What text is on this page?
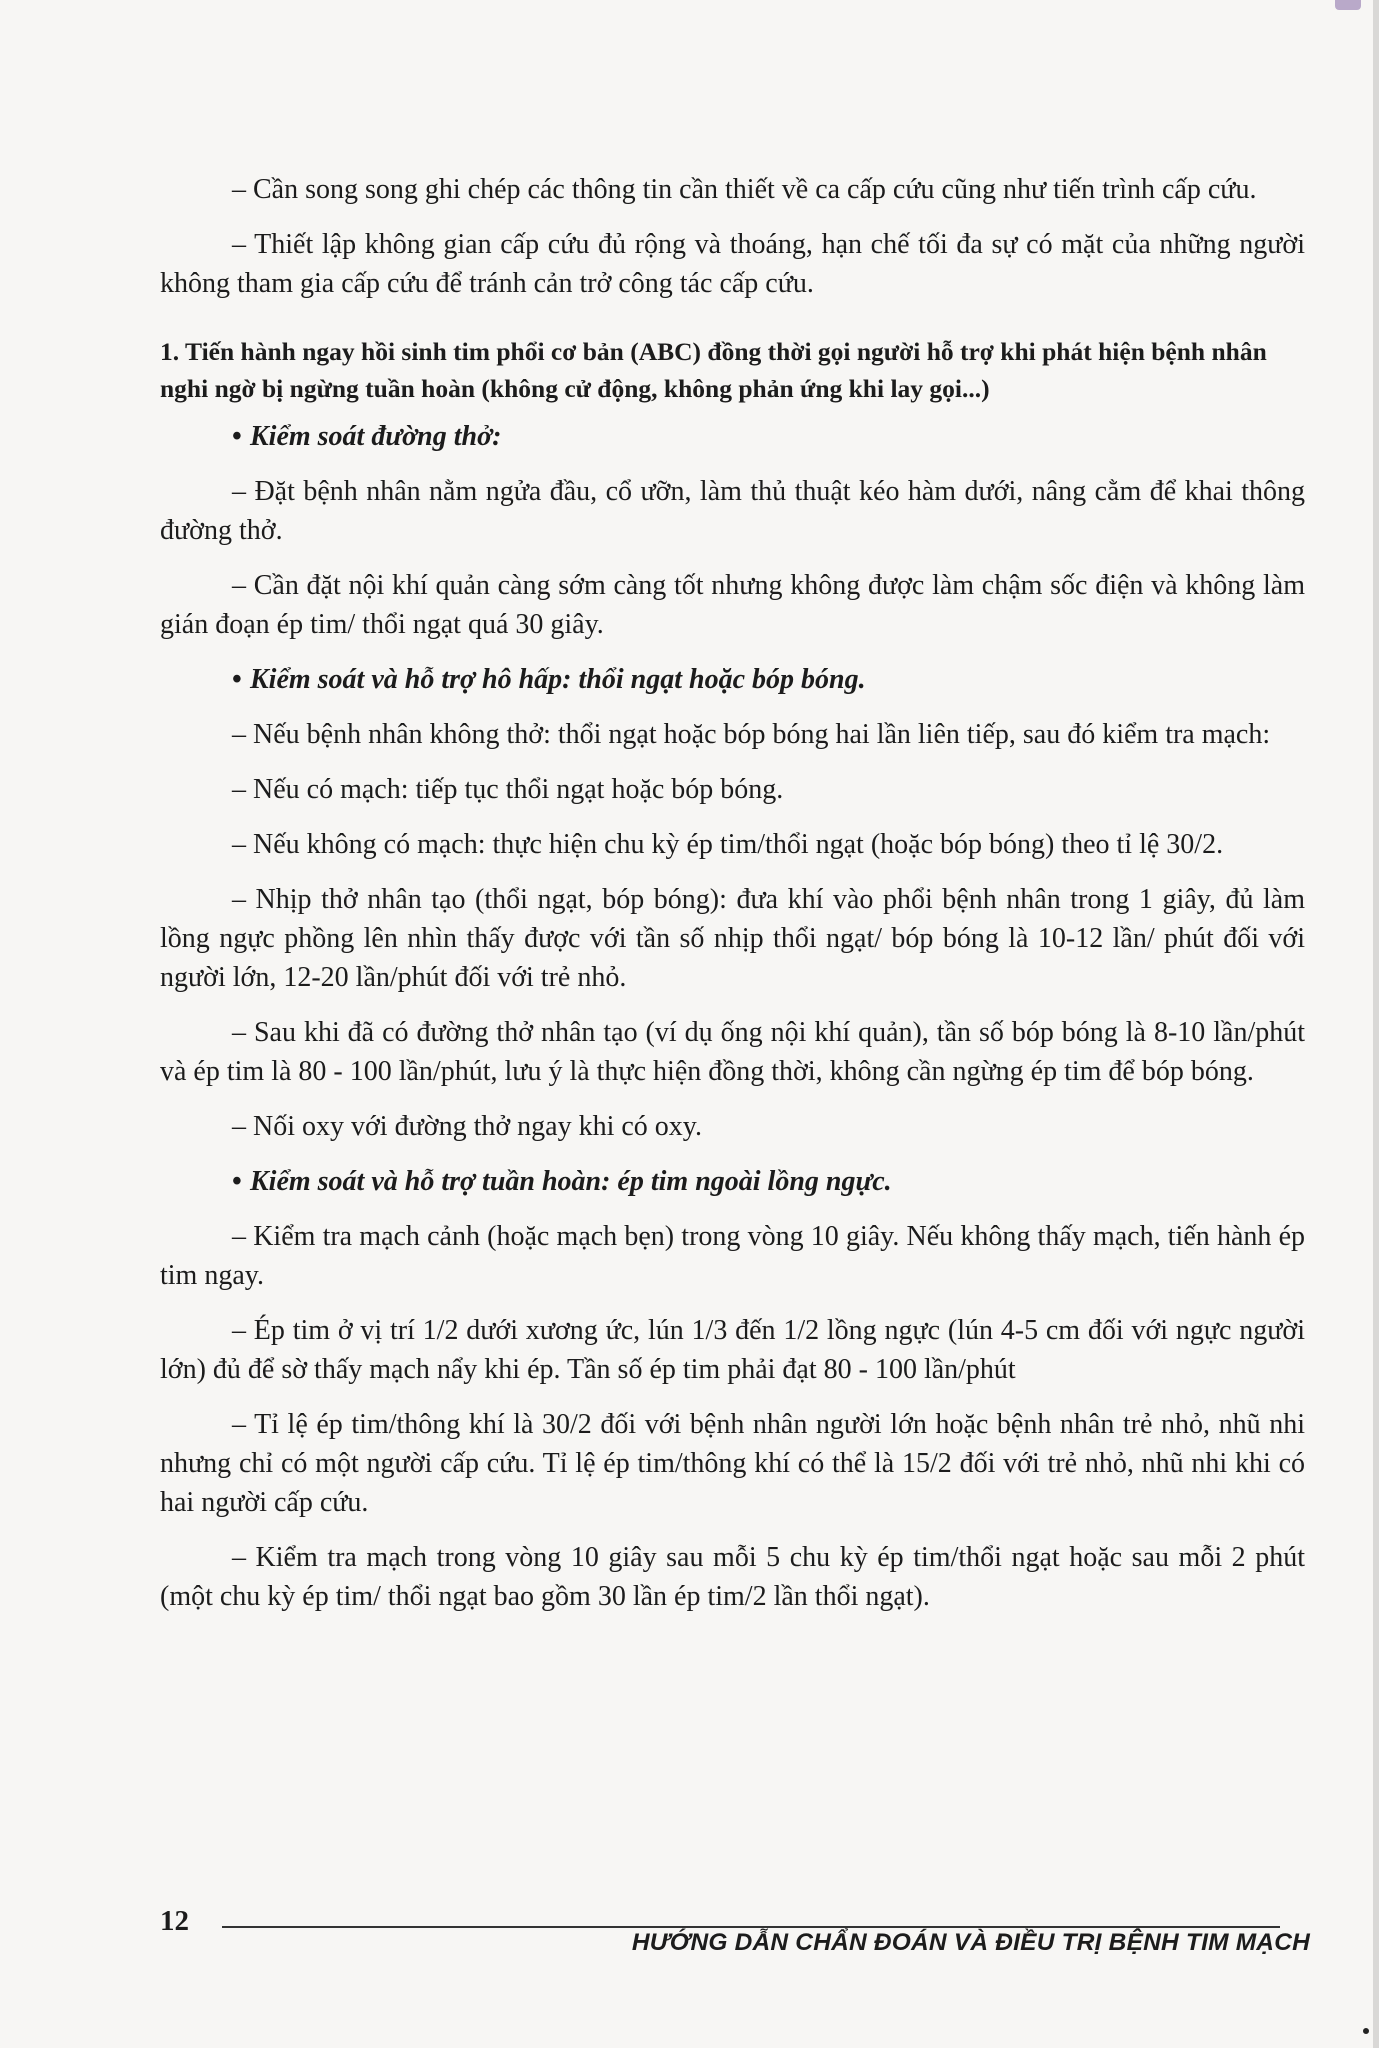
– Cần song song ghi chép các thông tin cần thiết về ca cấp cứu cũng như tiến trình cấp cứu.

– Thiết lập không gian cấp cứu đủ rộng và thoáng, hạn chế tối đa sự có mặt của những người không tham gia cấp cứu để tránh cản trở công tác cấp cứu.

1. Tiến hành ngay hồi sinh tim phổi cơ bản (ABC) đồng thời gọi người hỗ trợ khi phát hiện bệnh nhân nghi ngờ bị ngừng tuần hoàn (không cử động, không phản ứng khi lay gọi...)

• Kiểm soát đường thở:

– Đặt bệnh nhân nằm ngửa đầu, cổ ưỡn, làm thủ thuật kéo hàm dưới, nâng cằm để khai thông đường thở.

– Cần đặt nội khí quản càng sớm càng tốt nhưng không được làm chậm sốc điện và không làm gián đoạn ép tim/ thổi ngạt quá 30 giây.

• Kiểm soát và hỗ trợ hô hấp: thổi ngạt hoặc bóp bóng.

– Nếu bệnh nhân không thở: thổi ngạt hoặc bóp bóng hai lần liên tiếp, sau đó kiểm tra mạch:

– Nếu có mạch: tiếp tục thổi ngạt hoặc bóp bóng.

– Nếu không có mạch: thực hiện chu kỳ ép tim/thổi ngạt (hoặc bóp bóng) theo tỉ lệ 30/2.

– Nhịp thở nhân tạo (thổi ngạt, bóp bóng): đưa khí vào phổi bệnh nhân trong 1 giây, đủ làm lồng ngực phồng lên nhìn thấy được với tần số nhịp thổi ngạt/ bóp bóng là 10-12 lần/ phút đối với người lớn, 12-20 lần/phút đối với trẻ nhỏ.

– Sau khi đã có đường thở nhân tạo (ví dụ ống nội khí quản), tần số bóp bóng là 8-10 lần/phút và ép tim là 80 - 100 lần/phút, lưu ý là thực hiện đồng thời, không cần ngừng ép tim để bóp bóng.

– Nối oxy với đường thở ngay khi có oxy.

• Kiểm soát và hỗ trợ tuần hoàn: ép tim ngoài lồng ngực.

– Kiểm tra mạch cảnh (hoặc mạch bẹn) trong vòng 10 giây. Nếu không thấy mạch, tiến hành ép tim ngay.

– Ép tim ở vị trí 1/2 dưới xương ức, lún 1/3 đến 1/2 lồng ngực (lún 4-5 cm đối với ngực người lớn) đủ để sờ thấy mạch nẩy khi ép. Tần số ép tim phải đạt 80 - 100 lần/phút

– Tỉ lệ ép tim/thông khí là 30/2 đối với bệnh nhân người lớn hoặc bệnh nhân trẻ nhỏ, nhũ nhi nhưng chỉ có một người cấp cứu. Tỉ lệ ép tim/thông khí có thể là 15/2 đối với trẻ nhỏ, nhũ nhi khi có hai người cấp cứu.

– Kiểm tra mạch trong vòng 10 giây sau mỗi 5 chu kỳ ép tim/thổi ngạt hoặc sau mỗi 2 phút (một chu kỳ ép tim/ thổi ngạt bao gồm 30 lần ép tim/2 lần thổi ngạt).

12
HƯỚNG DẪN CHẨN ĐOÁN VÀ ĐIỀU TRỊ BỆNH TIM MẠCH
